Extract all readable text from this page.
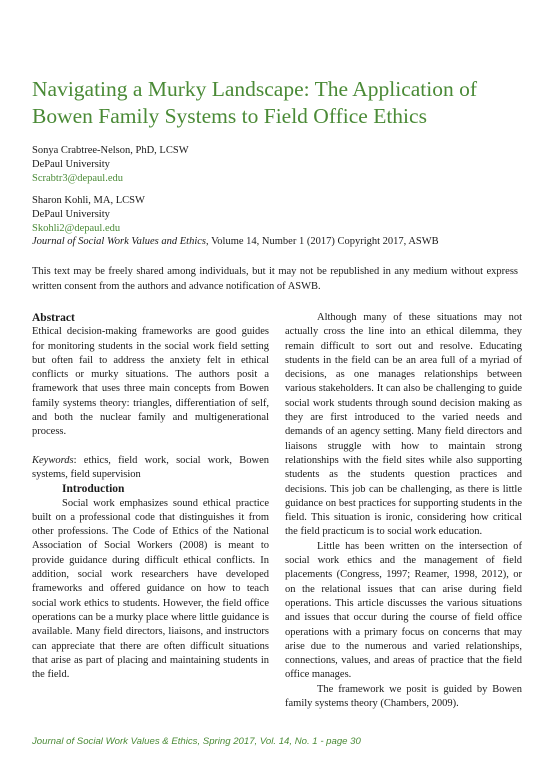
Navigating a Murky Landscape: The Application of Bowen Family Systems to Field Office Ethics
Sonya Crabtree-Nelson, PhD, LCSW
DePaul University
Scrabtr3@depaul.edu
Sharon Kohli, MA, LCSW
DePaul University
Skohli2@depaul.edu
Journal of Social Work Values and Ethics, Volume 14, Number 1 (2017) Copyright 2017, ASWB

This text may be freely shared among individuals, but it may not be republished in any medium without express written consent from the authors and advance notification of ASWB.

Abstract

Ethical decision-making frameworks are good guides for monitoring students in the social work field setting but often fail to address the anxiety felt in ethical conflicts or murky situations. The authors posit a framework that uses three main concepts from Bowen family systems theory: triangles, differentiation of self, and both the nuclear family and multigenerational process.

Keywords: ethics, field work, social work, Bowen systems, field supervision

Introduction

Social work emphasizes sound ethical practice built on a professional code that distinguishes it from other professions. The Code of Ethics of the National Association of Social Workers (2008) is meant to provide guidance during difficult ethical conflicts. In addition, social work researchers have developed frameworks and offered guidance on how to teach social work ethics to students. However, the field office operations can be a murky place where little guidance is available. Many field directors, liaisons, and instructors can appreciate that there are often difficult situations that arise as part of placing and maintaining students in the field.

Although many of these situations may not actually cross the line into an ethical dilemma, they remain difficult to sort out and resolve. Educating students in the field can be an area full of a myriad of decisions, as one manages relationships between various stakeholders. It can also be challenging to guide social work students through sound decision making as they are first introduced to the varied needs and demands of an agency setting. Many field directors and liaisons struggle with how to maintain strong relationships with the field sites while also supporting students as the students question practices and decisions. This job can be challenging, as there is little guidance on best practices for supporting students in the field. This situation is ironic, considering how critical the field practicum is to social work education.

Little has been written on the intersection of social work ethics and the management of field placements (Congress, 1997; Reamer, 1998, 2012), or on the relational issues that can arise during field operations. This article discusses the various situations and issues that occur during the course of field office operations with a primary focus on concerns that may arise due to the numerous and varied relationships, connections, values, and areas of practice that the field office manages.

The framework we posit is guided by Bowen family systems theory (Chambers, 2009).

Journal of Social Work Values & Ethics, Spring 2017, Vol. 14, No. 1 - page 30
